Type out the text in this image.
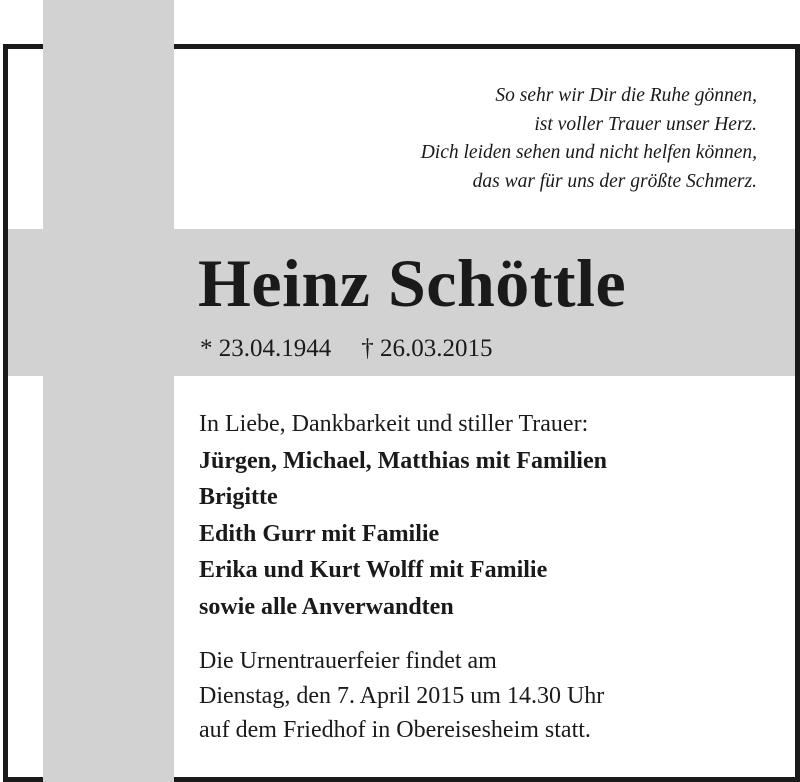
So sehr wir Dir die Ruhe gönnen,
ist voller Trauer unser Herz.
Dich leiden sehen und nicht helfen können,
das war für uns der größte Schmerz.
Heinz Schöttle
* 23.04.1944 † 26.03.2015
In Liebe, Dankbarkeit und stiller Trauer:
Jürgen, Michael, Matthias mit Familien
Brigitte
Edith Gurr mit Familie
Erika und Kurt Wolff mit Familie
sowie alle Anverwandten
Die Urnentrauerfeier findet am
Dienstag, den 7. April 2015 um 14.30 Uhr
auf dem Friedhof in Obereisesheim statt.
